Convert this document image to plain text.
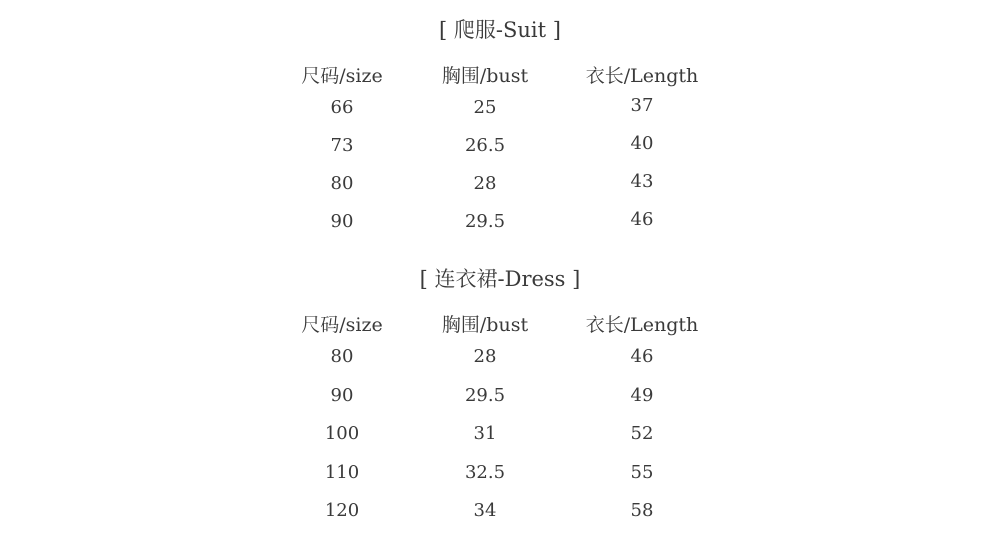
[ 爬服-Suit ]
尺码/size	胸围/bust	衣长/Length
66	25	37
73	26.5	40
80	28	43
90	29.5	46
[ 连衣裙-Dress ]
尺码/size	胸围/bust	衣长/Length
80	28	46
90	29.5	49
100	31	52
110	32.5	55
120	34	58
